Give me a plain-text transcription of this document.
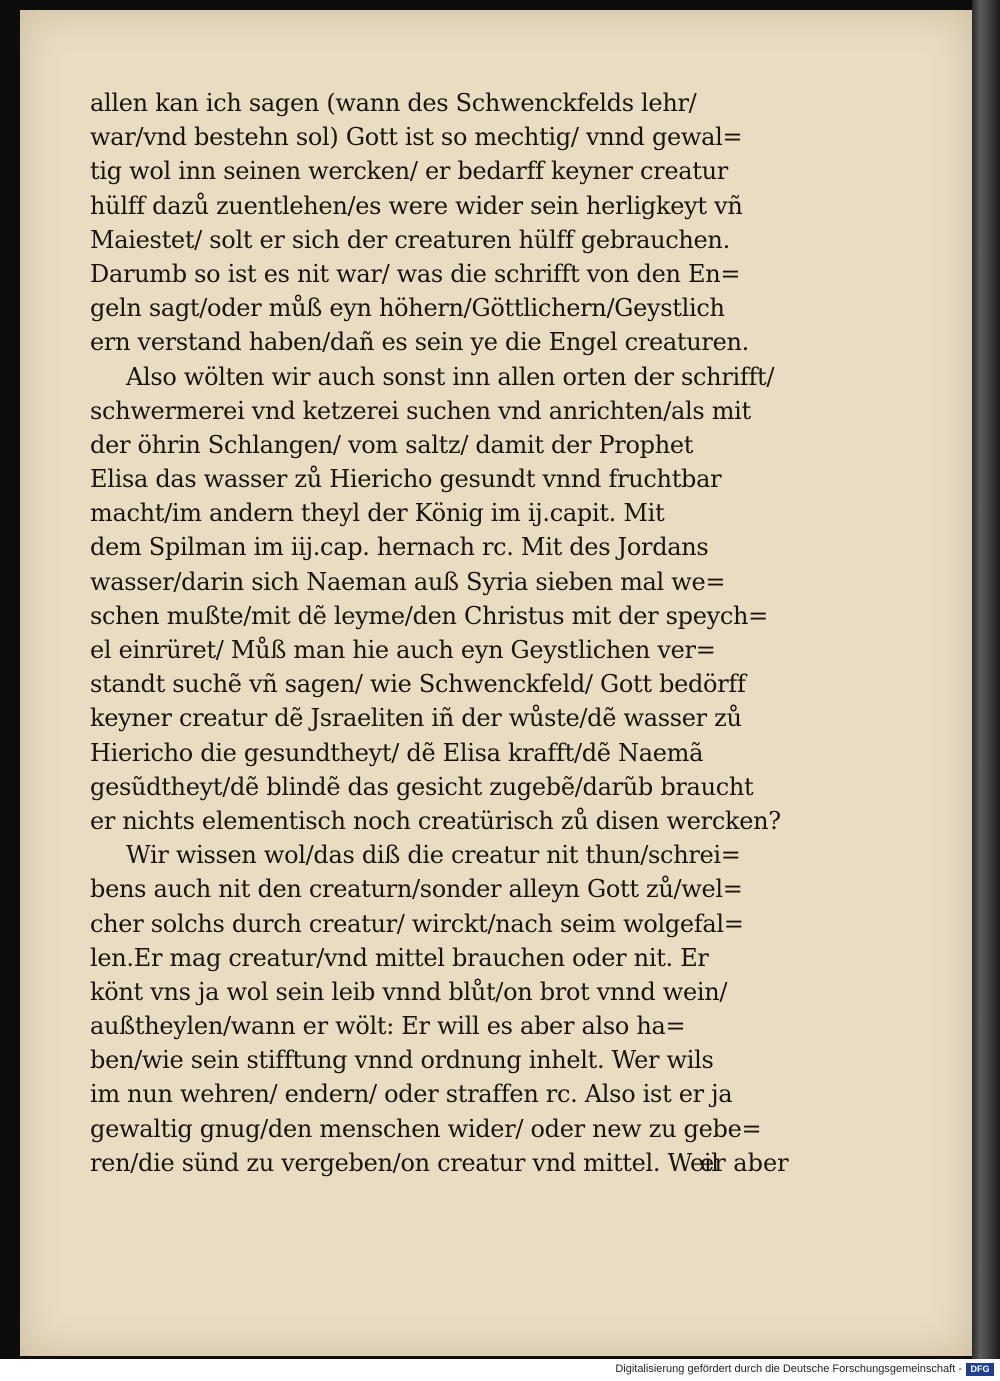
allen kan ich sagen (wann des Schwenckfelds lehr/
war/vnd bestehn sol) Gott ist so mechtig/ vnnd gewal=
tig wol inn seinen wercken/ er bedarff keyner creatur
hülff dazů zuentlehen/es were wider sein herligkeyt vñ
Maiestet/ solt er sich der creaturen hülff gebrauchen.
Darumb so ist es nit war/ was die schrifft von den En=
geln sagt/oder můß eyn höhern/Göttlichern/Geystlich
ern verstand haben/dañ es sein ye die Engel creaturen.
Also wölten wir auch sonst inn allen orten der schrifft/
schwermerei vnd ketzerei suchen vnd anrichten/als mit
der öhrin Schlangen/ vom saltz/ damit der Prophet
Elisa das wasser zů Hiericho gesundt vnnd fruchtbar
macht/im andern theyl der König im ij.capit. Mit
dem Spilman im iij.cap. hernach rc. Mit des Jordans
wasser/darin sich Naeman auß Syria sieben mal we=
schen mußte/mit dẽ leyme/den Christus mit der speych=
el einrüret/ Můß man hie auch eyn Geystlichen ver=
standt suchẽ vñ sagen/ wie Schwenckfeld/ Gott bedörff
keyner creatur dẽ Jsraeliten iñ der wůste/dẽ wasser zů
Hiericho die gesundtheyt/ dẽ Elisa krafft/dẽ Naemã
gesũdtheyt/dẽ blindẽ das gesicht zugebẽ/darũb braucht
er nichts elementisch noch creatürisch zů disen wercken?
Wir wissen wol/das diß die creatur nit thun/schrei=
bens auch nit den creaturn/sonder alleyn Gott zů/wel=
cher solchs durch creatur/ wirckt/nach seim wolgefal=
len.Er mag creatur/vnd mittel brauchen oder nit. Er
könt vns ja wol sein leib vnnd blůt/on brot vnnd wein/
außtheylen/wann er wölt: Er will es aber also ha=
ben/wie sein stifftung vnnd ordnung inhelt. Wer wils
im nun wehren/ endern/ oder straffen rc. Also ist er ja
gewaltig gnug/den menschen wider/ oder new zu gebe=
ren/die sünd zu vergeben/on creatur vnd mittel. Weil
er aber
Digitalisierung gefördert durch die Deutsche Forschungsgemeinschaft - DFG
